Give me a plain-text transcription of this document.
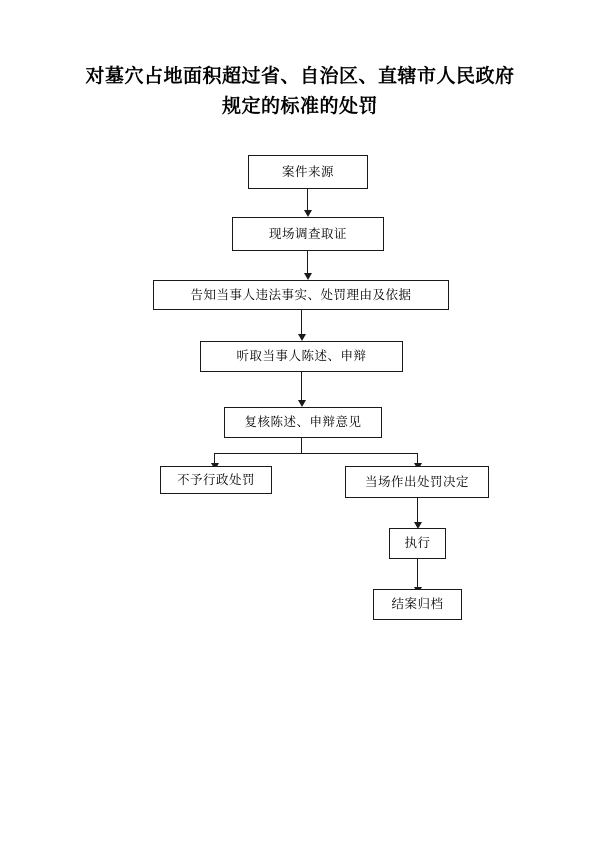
对墓穴占地面积超过省、自治区、直辖市人民政府规定的标准的处罚
案件来源
现场调查取证
告知当事人违法事实、处罚理由及依据
听取当事人陈述、申辩
复核陈述、申辩意见
不予行政处罚	当场作出处罚决定
执行
结案归档
